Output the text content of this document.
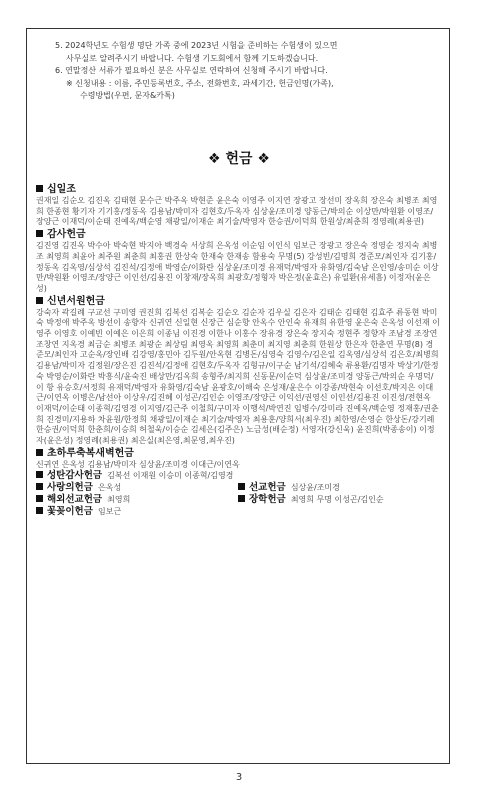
5. 2024학년도 수험생 명단 가족 중에 2023년 시험을 준비하는 수험생이 있으면

사무실로 알려주시기 바랍니다. 수험생 기도회에서 함께 기도하겠습니다.

6. 연말정산 서류가 필요하신 분은 사무실로 연락하여 신청해 주시기 바랍니다.

※ 신청내용 : 이름, 주민등록번호, 주소, 전화번호, 과세기간, 헌금인명(가족),

수령방법(우편, 문자&카톡)

❖ 헌금 ❖
십일조

권재일 김순오 김진옥 김태현 문수근 박주옥 박현준 윤은숙 이영주 이지연 장광고 장선미 장옥희 장은숙 최병조 최영희 한종현 황기자 기기홍/정동옥 김용남/박미자 김현호/두옥자 심상윤/조미경 양동근/박의순 이상만/박원환 이영조/장양근 이재덕/이순태 진예옥/백순영 채광일/이재순 최기술/박영자 한승권/이덕희 한원상/최춘희 정영례(최용권)

감사헌금

김진영 김진옥 박수아 박숙현 박지아 백경숙 서상희 은옥성 이순임 이인식 임보근 장광고 장은숙 정영순 정지숙 최병조 최영희 최윤아 최주원 최춘희 최홍권 한상숙 한재숙 한재송 함용숙 무명(5) 강성빈/김명희 경준모/최인자 김기홍/정동옥 김옥영/심상석 김진석/김정애 박영순/이화란 심상윤/조미경 유재덕/박영자 유화영/김숙남 은인영/송미순 이상만/박원환 이영조/장양근 이인선/김용진 이창재/장옥희 최광호/정형자 박은정(윤효은) 유일환(유세흠) 이정자(윤은성)

신년서원헌금

강숙자 곽길례 구교선 구미영 권진희 김복선 김복순 김순오 김순자 김우실 김은자 김태순 김태현 김효주 류동현 박미숙 박정애 박주옥 방선이 송향자 신귀연 신일현 신장근 심순향 안옥수 안인숙 유재희 유한영 윤은숙 은옥성 이선재 이영주 이영호 이예빈 이예은 이은희 이종님 이진경 이한나 이홍수 장유경 장은숙 장지숙 정현주 정향자 조남경 조장연 조창연 지옥경 최금순 최병조 최광순 최상림 최영옥 최영희 최춘미 최지영 최춘희 한원상 한은자 한춘연 무명(8) 경준모/최인자 고순옥/장인배 김강영/홍민아 김두원/안옥현 김병돈/심영숙 김영수/김은일 김옥영/심상석 김은호/최병희 김용남/박미자 김정원/장은진 김진석/김정애 김현호/두옥자 김형규/이구순 남기석/김혜숙 류용환/김명자 박상기/한정숙 박영순/이화란 박흥식/윤숙진 배상만/김옥희 송형주/최지희 신동문/이순덕 심상윤/조미경 양동근/박의순 우명덕/이 항 유승호/서정희 유재덕/박영자 유화영/김숙남 윤광호/이해숙 은성재/윤은수 이강종/박현숙 이선호/박지은 이대근/이연옥 이병은/남선아 이상우/김진혜 이성곤/김인순 이영조/장양근 이익선/권영신 이인선/김용진 이진성/전현옥 이재덕/이순태 이종혁/김영경 이지영/김근주 이철희/구미자 이행석/박연진 임병수/강미라 진예옥/백순영 정재홍/권춘희 진경미/지용하 차윤원/한정희 채광일/이재순 최기술/박영자 최용훈/양희서(최우진) 최한영/손영순 한상돈/강기례 한승권/이덕희 한춘희/이승희 허철욱/이승순 김세은(김주은) 노금성(배순정) 서영자(강신욱) 윤진희(박종송이) 이정자(윤은성) 정영례(최용권) 최은실(최은영,최문영,최우진)

초하루축복새벽헌금

신귀연 은옥성 김용남/박미자 심상윤/조미경 이대근/이연옥

성탄감사헌금 김복선 이재원 이승미 이종혁/김영경
사랑의헌금 은옥성	선교헌금 심상윤/조미경
해외선교헌금 최영희	장학헌금 최영희 무명 이성곤/김인순
꽃꽂이헌금 임보근
3
